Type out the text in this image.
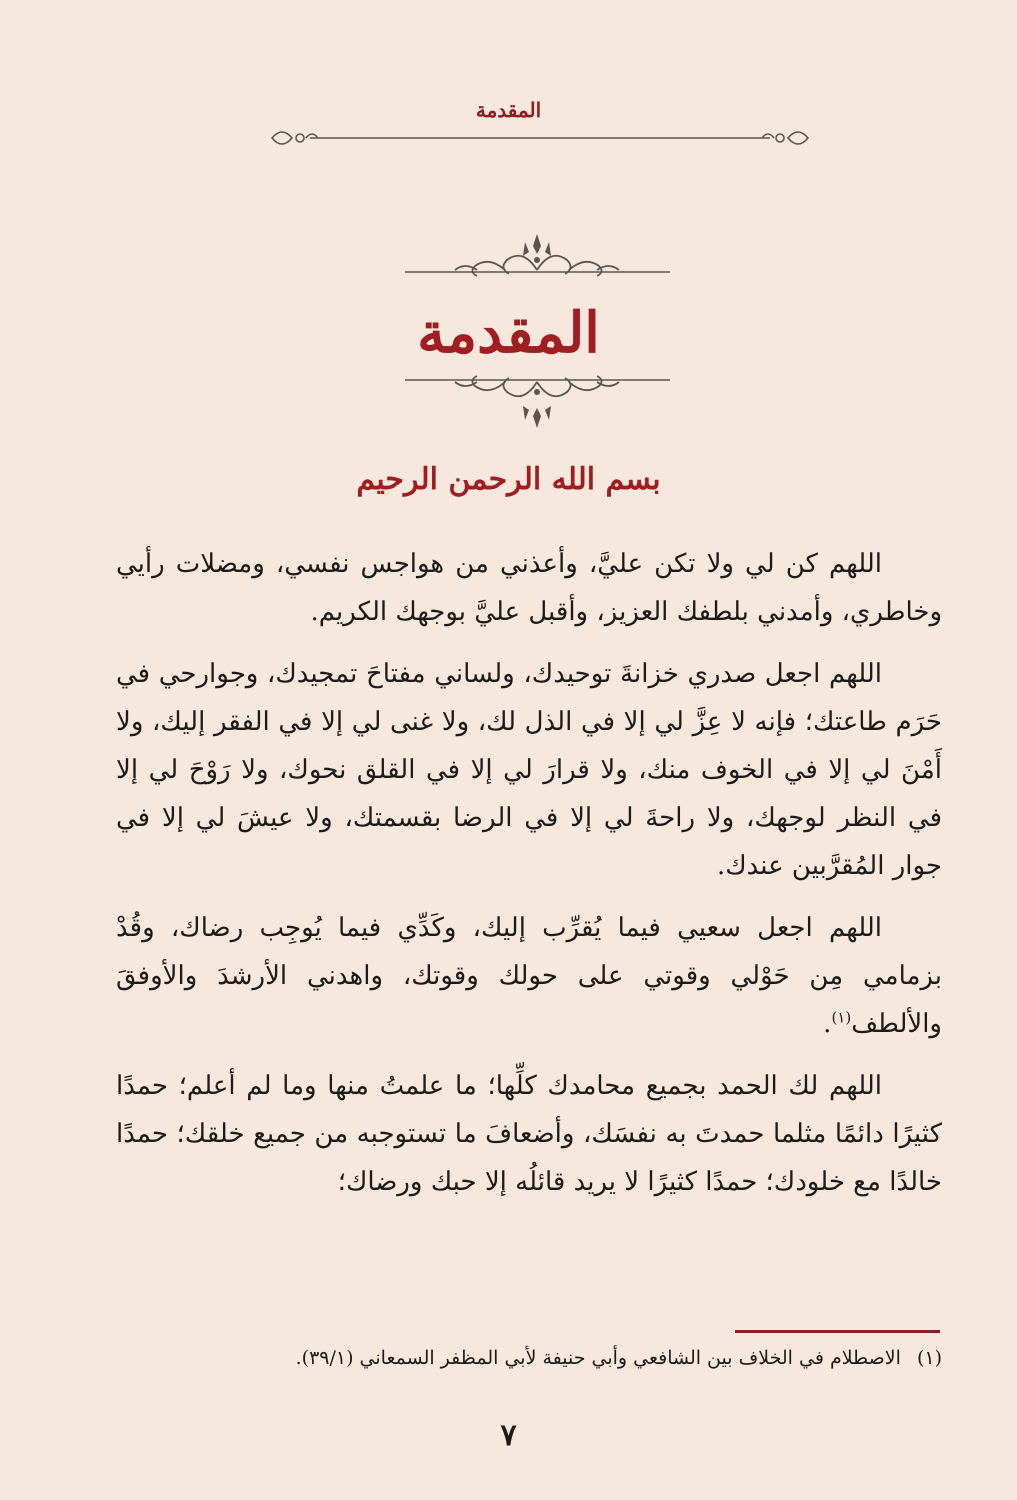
المقدمة
المقدمة
بسم الله الرحمن الرحيم

اللهم كن لي ولا تكن عليَّ، وأعذني من هواجس نفسي، ومضلات رأيي وخاطري، وأمدني بلطفك العزيز، وأقبل عليَّ بوجهك الكريم.

اللهم اجعل صدري خزانةَ توحيدك، ولساني مفتاحَ تمجيدك، وجوارحي في حَرَم طاعتك؛ فإنه لا عِزَّ لي إلا في الذل لك، ولا غنى لي إلا في الفقر إليك، ولا أَمْنَ لي إلا في الخوف منك، ولا قرارَ لي إلا في القلق نحوك، ولا رَوْحَ لي إلا في النظر لوجهك، ولا راحةَ لي إلا في الرضا بقسمتك، ولا عيشَ لي إلا في جوار المُقرَّبين عندك.

اللهم اجعل سعيي فيما يُقرِّب إليك، وكَدِّي فيما يُوجِب رضاك، وقُدْ بزمامي مِن حَوْلي وقوتي على حولك وقوتك، واهدني الأرشدَ والأوفقَ والألطف$^{(١)}$.

اللهم لك الحمد بجميع محامدك كلِّها؛ ما علمتُ منها وما لم أعلم؛ حمدًا كثيرًا دائمًا مثلما حمدتَ به نفسَك، وأضعافَ ما تستوجبه من جميع خلقك؛ حمدًا خالدًا مع خلودك؛ حمدًا كثيرًا لا يريد قائلُه إلا حبك ورضاك؛

(١) الاصطلام في الخلاف بين الشافعي وأبي حنيفة لأبي المظفر السمعاني (٣٩/١).
٧
